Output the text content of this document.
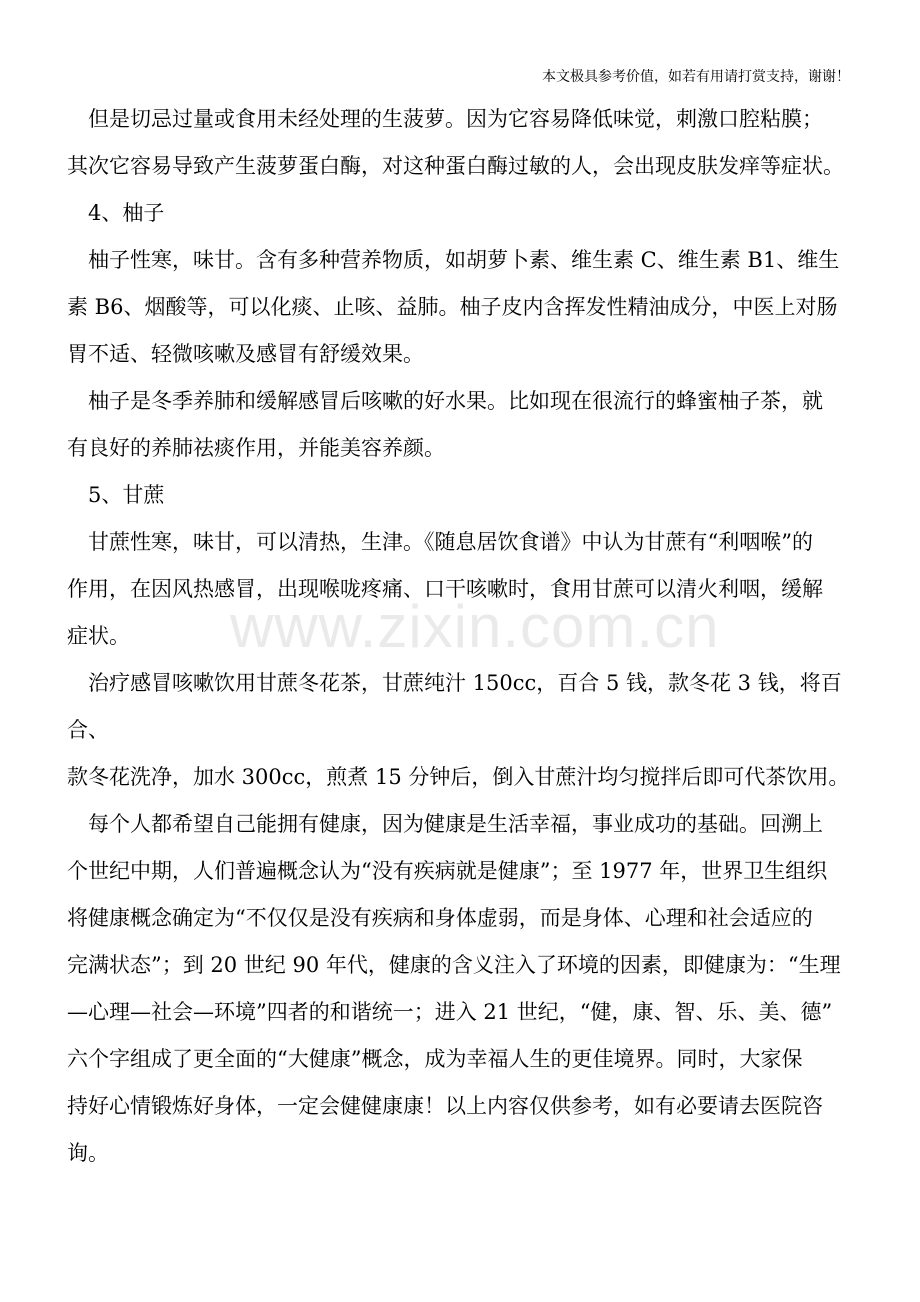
本文极具参考价值，如若有用请打赏支持，谢谢！
www.zixin.com.cn

但是切忌过量或食用未经处理的生菠萝。因为它容易降低味觉，刺激口腔粘膜；
其次它容易导致产生菠萝蛋白酶，对这种蛋白酶过敏的人，会出现皮肤发痒等症状。

4、柚子

柚子性寒，味甘。含有多种营养物质，如胡萝卜素、维生素 C、维生素 B1、维生
素 B6、烟酸等，可以化痰、止咳、益肺。柚子皮内含挥发性精油成分，中医上对肠
胃不适、轻微咳嗽及感冒有舒缓效果。

柚子是冬季养肺和缓解感冒后咳嗽的好水果。比如现在很流行的蜂蜜柚子茶，就
有良好的养肺祛痰作用，并能美容养颜。

5、甘蔗

甘蔗性寒，味甘，可以清热，生津。《随息居饮食谱》中认为甘蔗有“利咽喉”的
作用，在因风热感冒，出现喉咙疼痛、口干咳嗽时，食用甘蔗可以清火利咽，缓解
症状。

治疗感冒咳嗽饮用甘蔗冬花茶，甘蔗纯汁 150cc，百合 5 钱，款冬花 3 钱，将百合、
款冬花洗净，加水 300cc，煎煮 15 分钟后，倒入甘蔗汁均匀搅拌后即可代茶饮用。

每个人都希望自己能拥有健康，因为健康是生活幸福，事业成功的基础。回溯上
个世纪中期，人们普遍概念认为“没有疾病就是健康”；至 1977 年，世界卫生组织
将健康概念确定为“不仅仅是没有疾病和身体虚弱，而是身体、心理和社会适应的
完满状态”；到 20 世纪 90 年代，健康的含义注入了环境的因素，即健康为：“生理
—心理—社会—环境”四者的和谐统一；进入 21 世纪，“健，康、智、乐、美、德”
六个字组成了更全面的“大健康”概念，成为幸福人生的更佳境界。同时，大家保
持好心情锻炼好身体，一定会健健康康！以上内容仅供参考，如有必要请去医院咨
询。
